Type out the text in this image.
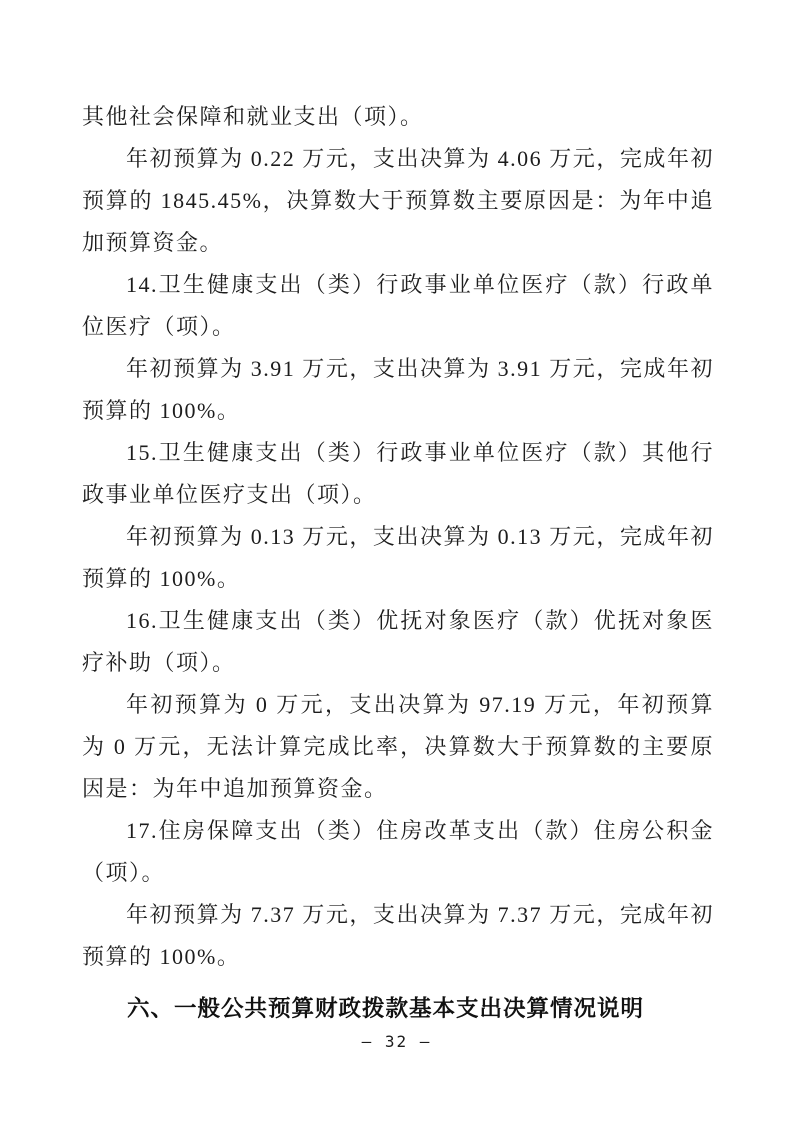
其他社会保障和就业支出（项）。

年初预算为 0.22 万元，支出决算为 4.06 万元，完成年初预算的 1845.45%，决算数大于预算数主要原因是：为年中追加预算资金。

14.卫生健康支出（类）行政事业单位医疗（款）行政单位医疗（项）。

年初预算为 3.91 万元，支出决算为 3.91 万元，完成年初预算的 100%。

15.卫生健康支出（类）行政事业单位医疗（款）其他行政事业单位医疗支出（项）。

年初预算为 0.13 万元，支出决算为 0.13 万元，完成年初预算的 100%。

16.卫生健康支出（类）优抚对象医疗（款）优抚对象医疗补助（项）。

年初预算为 0 万元，支出决算为 97.19 万元，年初预算为 0 万元，无法计算完成比率，决算数大于预算数的主要原因是：为年中追加预算资金。

17.住房保障支出（类）住房改革支出（款）住房公积金（项）。

年初预算为 7.37 万元，支出决算为 7.37 万元，完成年初预算的 100%。

六、一般公共预算财政拨款基本支出决算情况说明
– 32 –
